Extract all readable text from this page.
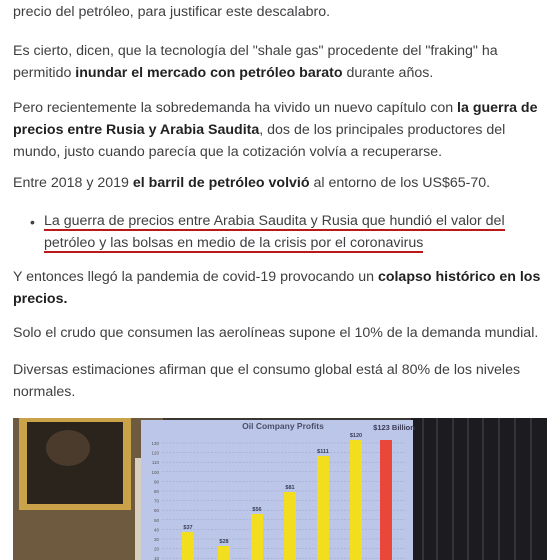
precio del petróleo, para justificar este descalabro.

Es cierto, dicen, que la tecnología del "shale gas" procedente del "fraking" ha permitido inundar el mercado con petróleo barato durante años.

Pero recientemente la sobredemanda ha vivido un nuevo capítulo con la guerra de precios entre Rusia y Arabia Saudita, dos de los principales productores del mundo, justo cuando parecía que la cotización volvía a recuperarse.

Entre 2018 y 2019 el barril de petróleo volvió al entorno de los US$65-70.

• La guerra de precios entre Arabia Saudita y Rusia que hundió el valor del petróleo y las bolsas en medio de la crisis por el coronavirus

Y entonces llegó la pandemia de covid-19 provocando un colapso histórico en los precios.

Solo el crudo que consumen las aerolíneas supone el 10% de la demanda mundial.

Diversas estimaciones afirman que el consumo global está al 80% de los niveles normales.

Oil Company Profits
130
120
110
100
90
80
70
60
50
40
30
20
10
$37
$28
$56
$81
$111
$120
$123 Billion
